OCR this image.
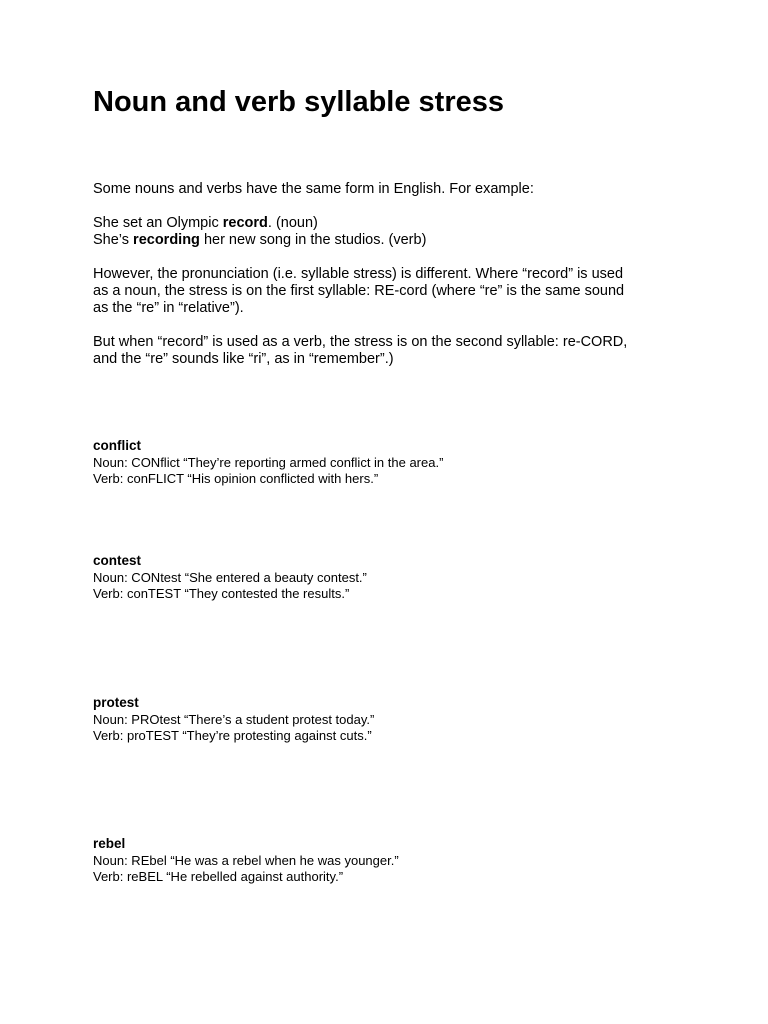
Noun and verb syllable stress

Some nouns and verbs have the same form in English. For example:

She set an Olympic record. (noun)
She’s recording her new song in the studios. (verb)

However, the pronunciation (i.e. syllable stress) is different. Where “record” is used
as a noun, the stress is on the first syllable: RE-cord (where “re” is the same sound
as the “re” in “relative”).

But when “record” is used as a verb, the stress is on the second syllable: re-CORD,
and the “re” sounds like “ri”, as in “remember”.)

conflict
Noun: CONflict “They’re reporting armed conflict in the area.”
Verb: conFLICT “His opinion conflicted with hers.”
contest
Noun: CONtest “She entered a beauty contest.”
Verb: conTEST “They contested the results.”
protest
Noun: PROtest “There’s a student protest today.”
Verb: proTEST “They’re protesting against cuts.”
rebel
Noun: REbel “He was a rebel when he was younger.”
Verb: reBEL “He rebelled against authority.”
